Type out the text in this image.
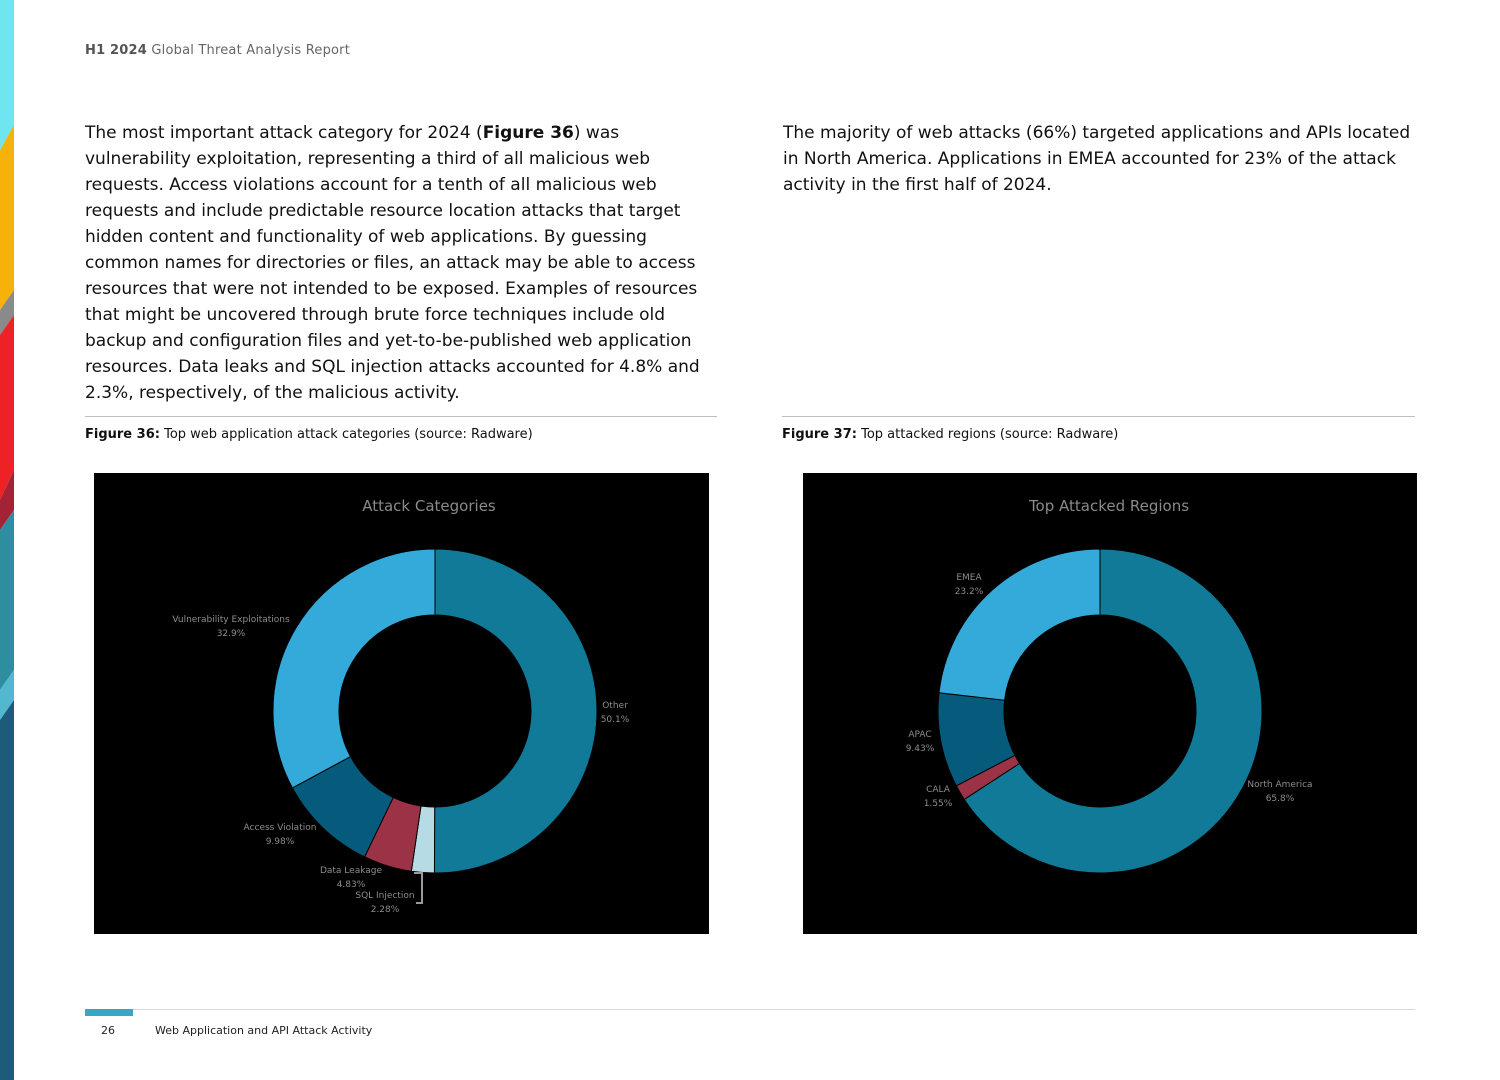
H1 2024 Global Threat Analysis Report
The most important attack category for 2024 (Figure 36) was vulnerability exploitation, representing a third of all malicious web requests. Access violations account for a tenth of all malicious web requests and include predictable resource location attacks that target hidden content and functionality of web applications. By guessing common names for directories or files, an attack may be able to access resources that were not intended to be exposed. Examples of resources that might be uncovered through brute force techniques include old backup and configuration files and yet-to-be-published web application resources. Data leaks and SQL injection attacks accounted for 4.8% and 2.3%, respectively, of the malicious activity.
The majority of web attacks (66%) targeted applications and APIs located in North America. Applications in EMEA accounted for 23% of the attack activity in the first half of 2024.
Figure 36: Top web application attack categories (source: Radware)	Figure 37: Top attacked regions (source: Radware)
Attack Categories
Other
50.1%
SQL Injection
2.28%
Data Leakage
4.83%
Access Violation
9.98%
Vulnerability Exploitations
32.9%
Top Attacked Regions
North America
65.8%
CALA
1.55%
APAC
9.43%
EMEA
23.2%
26	Web Application and API Attack Activity
